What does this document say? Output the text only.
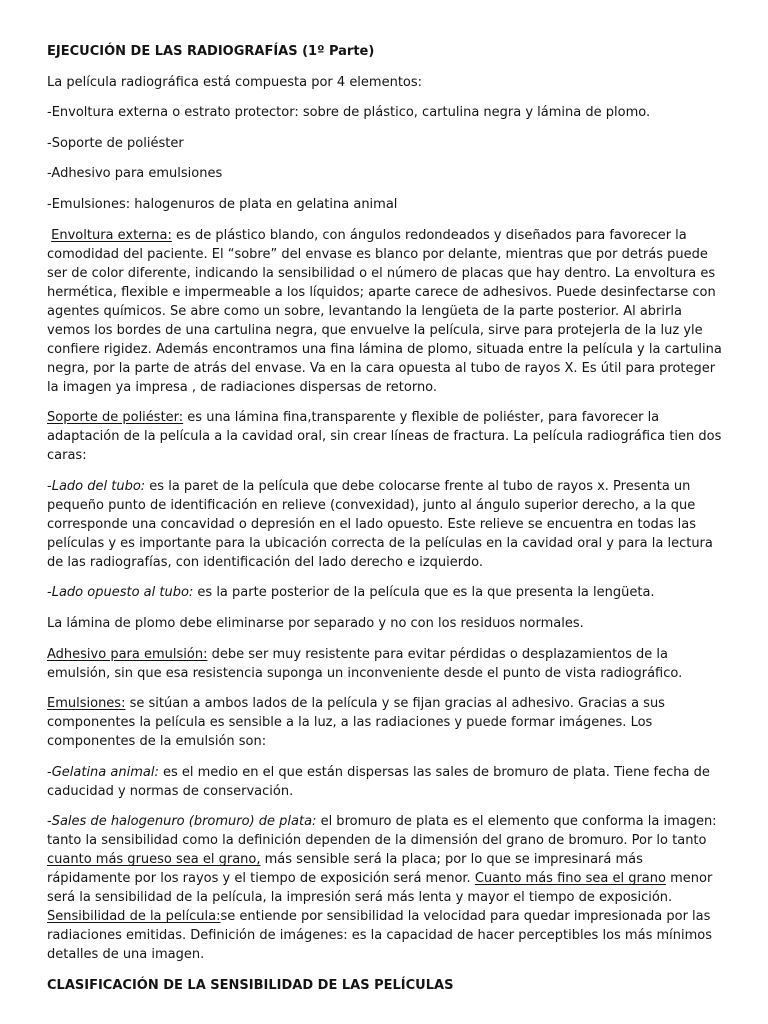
EJECUCIÓN DE LAS RADIOGRAFÍAS (1º Parte)

La película radiográfica está compuesta por 4 elementos:

-Envoltura externa o estrato protector: sobre de plástico, cartulina negra y lámina de plomo.

-Soporte de poliéster

-Adhesivo para emulsiones

-Emulsiones: halogenuros de plata en gelatina animal

Envoltura externa: es de plástico blando, con ángulos redondeados y diseñados para favorecer la comodidad del paciente. El “sobre” del envase es blanco por delante, mientras que por detrás puede ser de color diferente, indicando la sensibilidad o el número de placas que hay dentro. La envoltura es hermética, flexible e impermeable a los líquidos; aparte carece de adhesivos. Puede desinfectarse con agentes químicos. Se abre como un sobre, levantando la lengüeta de la parte posterior. Al abrirla vemos los bordes de una cartulina negra, que envuelve la película, sirve para protejerla de la luz yle confiere rigidez. Además encontramos una fina lámina de plomo, situada entre la película y la cartulina negra, por la parte de atrás del envase. Va en la cara opuesta al tubo de rayos X. Es útil para proteger la imagen ya impresa , de radiaciones dispersas de retorno.

Soporte de poliéster: es una lámina fina,transparente y flexible de poliéster, para favorecer la adaptación de la película a la cavidad oral, sin crear líneas de fractura. La película radiográfica tien dos caras:

-Lado del tubo: es la paret de la película que debe colocarse frente al tubo de rayos x. Presenta un pequeño punto de identificación en relieve (convexidad), junto al ángulo superior derecho, a la que corresponde una concavidad o depresión en el lado opuesto. Este relieve se encuentra en todas las películas y es importante para la ubicación correcta de la películas en la cavidad oral y para la lectura de las radiografías, con identificación del lado derecho e izquierdo.

-Lado opuesto al tubo: es la parte posterior de la película que es la que presenta la lengüeta.

La lámina de plomo debe eliminarse por separado y no con los residuos normales.

Adhesivo para emulsión: debe ser muy resistente para evitar pérdidas o desplazamientos de la emulsión, sin que esa resistencia suponga un inconveniente desde el punto de vista radiográfico.

Emulsiones: se sitúan a ambos lados de la película y se fijan gracias al adhesivo. Gracias a sus componentes la película es sensible a la luz, a las radiaciones y puede formar imágenes. Los componentes de la emulsión son:

-Gelatina animal: es el medio en el que están dispersas las sales de bromuro de plata. Tiene fecha de caducidad y normas de conservación.

-Sales de halogenuro (bromuro) de plata: el bromuro de plata es el elemento que conforma la imagen: tanto la sensibilidad como la definición dependen de la dimensión del grano de bromuro. Por lo tanto cuanto más grueso sea el grano, más sensible será la placa; por lo que se impresinará más rápidamente por los rayos y el tiempo de exposición será menor. Cuanto más fino sea el grano menor será la sensibilidad de la película, la impresión será más lenta y mayor el tiempo de exposición. Sensibilidad de la película:se entiende por sensibilidad la velocidad para quedar impresionada por las radiaciones emitidas. Definición de imágenes: es la capacidad de hacer perceptibles los más mínimos detalles de una imagen.

CLASIFICACIÓN DE LA SENSIBILIDAD DE LAS PELÍCULAS
